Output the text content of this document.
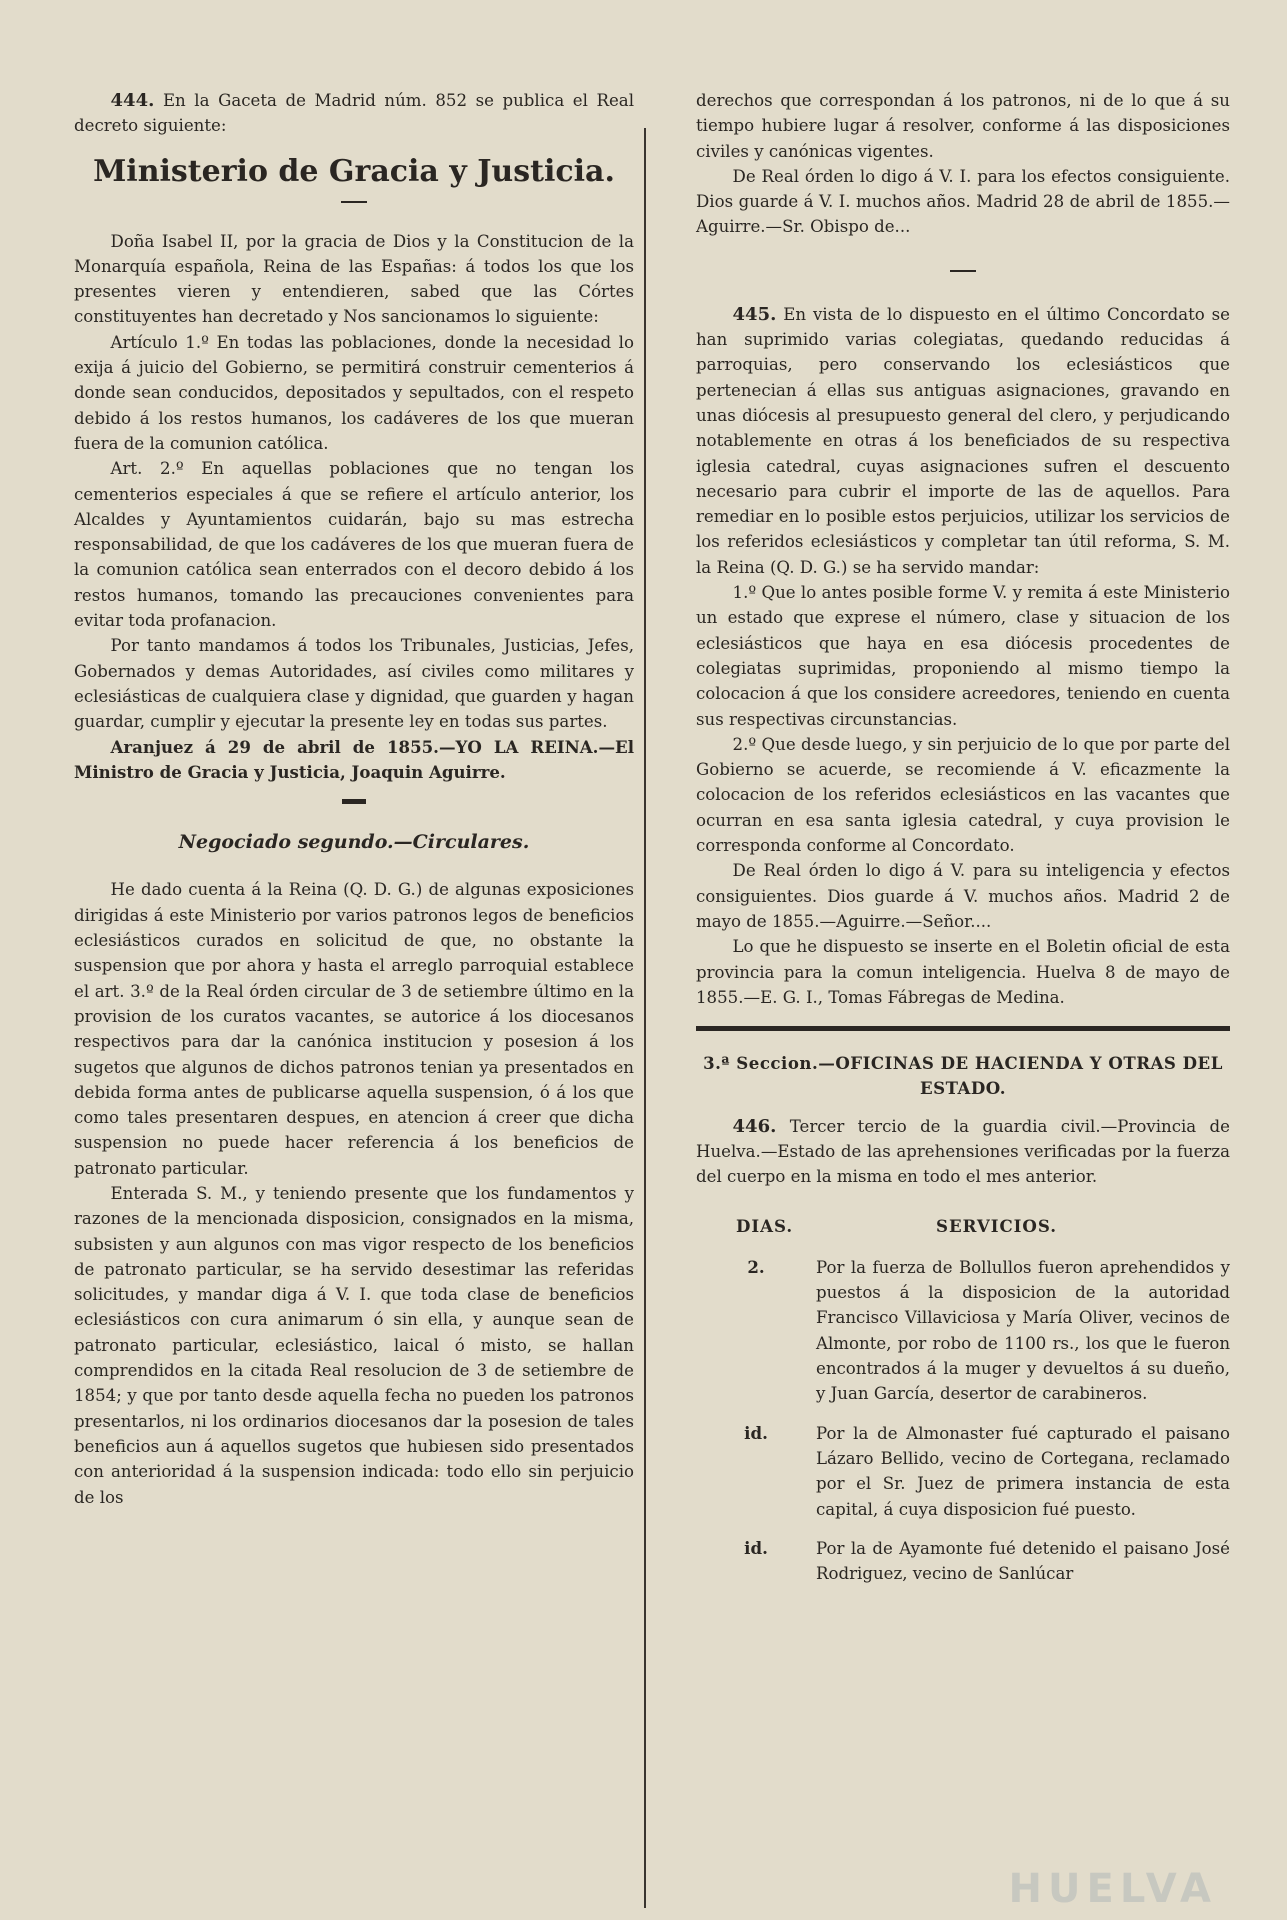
444. En la Gaceta de Madrid núm. 852 se publica el Real decreto siguiente:

Ministerio de Gracia y Justicia.

Doña Isabel II, por la gracia de Dios y la Constitucion de la Monarquía española, Reina de las Españas: á todos los que los presentes vieren y entendieren, sabed que las Córtes constituyentes han decretado y Nos sancionamos lo siguiente:

Artículo 1.º En todas las poblaciones, donde la necesidad lo exija á juicio del Gobierno, se permitirá construir cementerios á donde sean conducidos, depositados y sepultados, con el respeto debido á los restos humanos, los cadáveres de los que mueran fuera de la comunion católica.

Art. 2.º En aquellas poblaciones que no tengan los cementerios especiales á que se refiere el artículo anterior, los Alcaldes y Ayuntamientos cuidarán, bajo su mas estrecha responsabilidad, de que los cadáveres de los que mueran fuera de la comunion católica sean enterrados con el decoro debido á los restos humanos, tomando las precauciones convenientes para evitar toda profanacion.

Por tanto mandamos á todos los Tribunales, Justicias, Jefes, Gobernados y demas Autoridades, así civiles como militares y eclesiásticas de cualquiera clase y dignidad, que guarden y hagan guardar, cumplir y ejecutar la presente ley en todas sus partes.

Aranjuez á 29 de abril de 1855.—YO LA REINA.—El Ministro de Gracia y Justicia, Joaquin Aguirre.

Negociado segundo.—Circulares.

He dado cuenta á la Reina (Q. D. G.) de algunas exposiciones dirigidas á este Ministerio por varios patronos legos de beneficios eclesiásticos curados en solicitud de que, no obstante la suspension que por ahora y hasta el arreglo parroquial establece el art. 3.º de la Real órden circular de 3 de setiembre último en la provision de los curatos vacantes, se autorice á los diocesanos respectivos para dar la canónica institucion y posesion á los sugetos que algunos de dichos patronos tenian ya presentados en debida forma antes de publicarse aquella suspension, ó á los que como tales presentaren despues, en atencion á creer que dicha suspension no puede hacer referencia á los beneficios de patronato particular.

Enterada S. M., y teniendo presente que los fundamentos y razones de la mencionada disposicion, consignados en la misma, subsisten y aun algunos con mas vigor respecto de los beneficios de patronato particular, se ha servido desestimar las referidas solicitudes, y mandar diga á V. I. que toda clase de beneficios eclesiásticos con cura animarum ó sin ella, y aunque sean de patronato particular, eclesiástico, laical ó misto, se hallan comprendidos en la citada Real resolucion de 3 de setiembre de 1854; y que por tanto desde aquella fecha no pueden los patronos presentarlos, ni los ordinarios diocesanos dar la posesion de tales beneficios aun á aquellos sugetos que hubiesen sido presentados con anterioridad á la suspension indicada: todo ello sin perjuicio de los

derechos que correspondan á los patronos, ni de lo que á su tiempo hubiere lugar á resolver, conforme á las disposiciones civiles y canónicas vigentes.

De Real órden lo digo á V. I. para los efectos consiguiente. Dios guarde á V. I. muchos años. Madrid 28 de abril de 1855.—Aguirre.—Sr. Obispo de...

445. En vista de lo dispuesto en el último Concordato se han suprimido varias colegiatas, quedando reducidas á parroquias, pero conservando los eclesiásticos que pertenecian á ellas sus antiguas asignaciones, gravando en unas diócesis al presupuesto general del clero, y perjudicando notablemente en otras á los beneficiados de su respectiva iglesia catedral, cuyas asignaciones sufren el descuento necesario para cubrir el importe de las de aquellos. Para remediar en lo posible estos perjuicios, utilizar los servicios de los referidos eclesiásticos y completar tan útil reforma, S. M. la Reina (Q. D. G.) se ha servido mandar:

1.º Que lo antes posible forme V. y remita á este Ministerio un estado que exprese el número, clase y situacion de los eclesiásticos que haya en esa diócesis procedentes de colegiatas suprimidas, proponiendo al mismo tiempo la colocacion á que los considere acreedores, teniendo en cuenta sus respectivas circunstancias.

2.º Que desde luego, y sin perjuicio de lo que por parte del Gobierno se acuerde, se recomiende á V. eficazmente la colocacion de los referidos eclesiásticos en las vacantes que ocurran en esa santa iglesia catedral, y cuya provision le corresponda conforme al Concordato.

De Real órden lo digo á V. para su inteligencia y efectos consiguientes. Dios guarde á V. muchos años. Madrid 2 de mayo de 1855.—Aguirre.—Señor....

Lo que he dispuesto se inserte en el Boletin oficial de esta provincia para la comun inteligencia. Huelva 8 de mayo de 1855.—E. G. I., Tomas Fábregas de Medina.

3.ª Seccion.—OFICINAS DE HACIENDA Y OTRAS DEL ESTADO.

446. Tercer tercio de la guardia civil.—Provincia de Huelva.—Estado de las aprehensiones verificadas por la fuerza del cuerpo en la misma en todo el mes anterior.

DIAS.	SERVICIOS.
2.	Por la fuerza de Bollullos fueron aprehendidos y puestos á la disposicion de la autoridad Francisco Villaviciosa y María Oliver, vecinos de Almonte, por robo de 1100 rs., los que le fueron encontrados á la muger y devueltos á su dueño, y Juan García, desertor de carabineros.
id.	Por la de Almonaster fué capturado el paisano Lázaro Bellido, vecino de Cortegana, reclamado por el Sr. Juez de primera instancia de esta capital, á cuya disposicion fué puesto.
id.	Por la de Ayamonte fué detenido el paisano José Rodriguez, vecino de Sanlúcar
HUELVA
